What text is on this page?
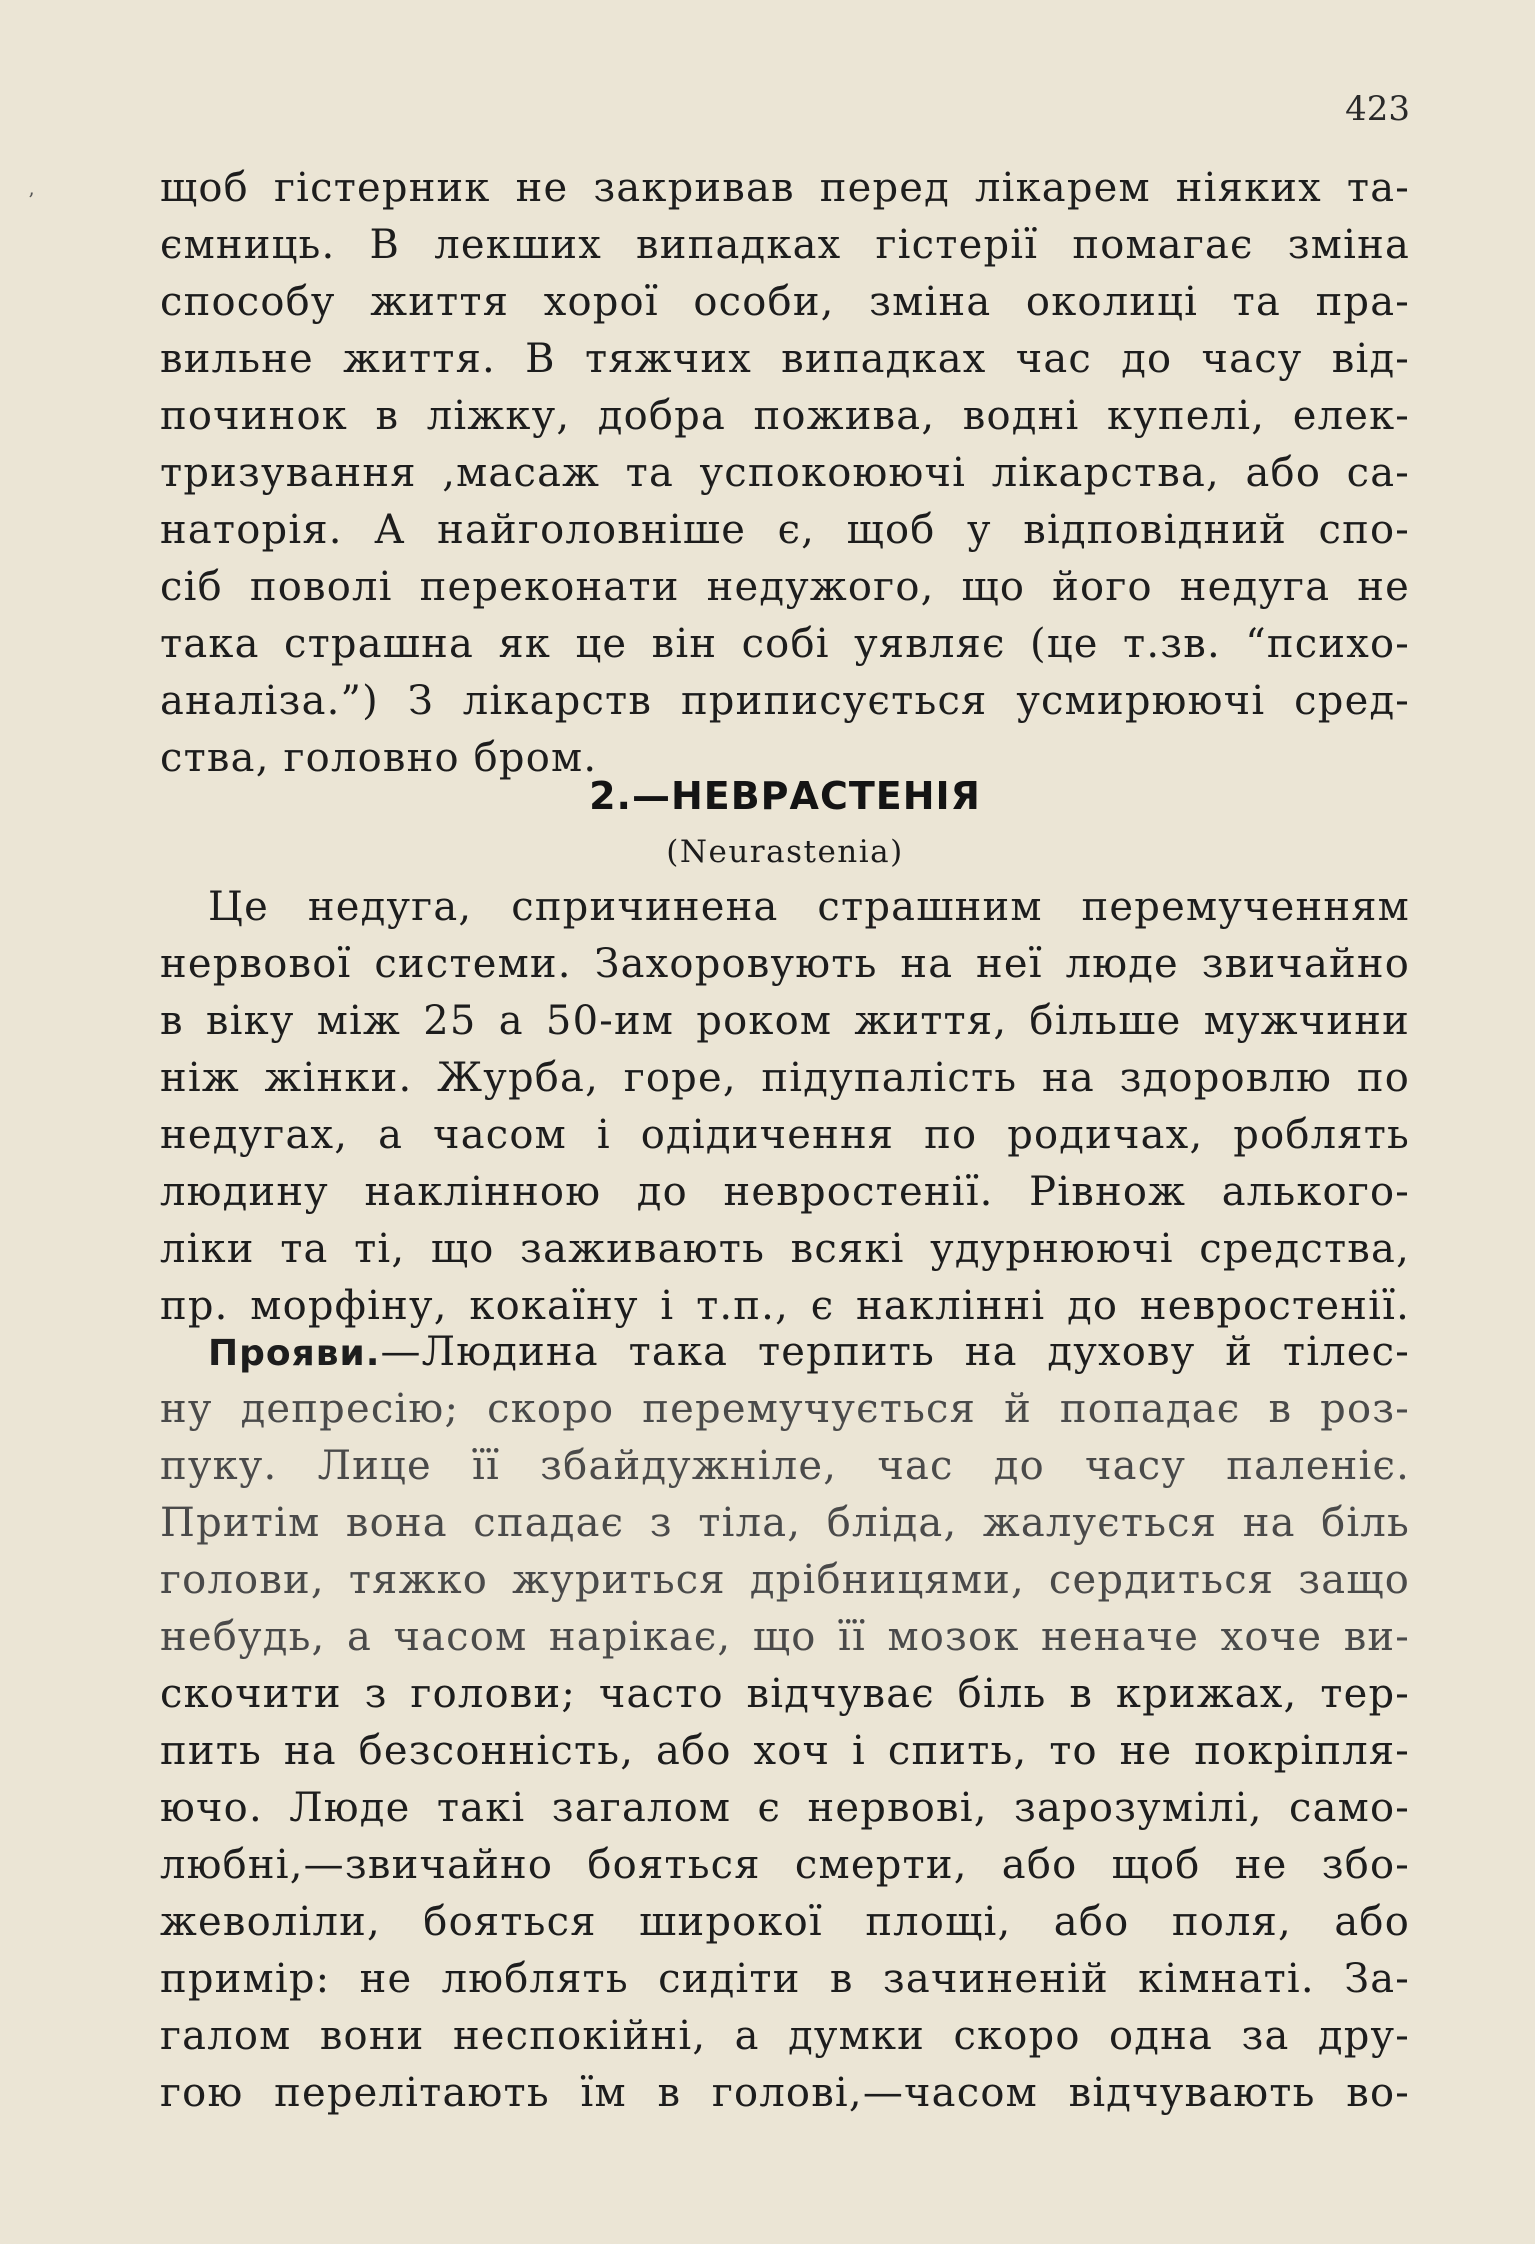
423
’	щоб гістерник не закривав перед лікарем ніяких та-
ємниць. В лекших випадках гістерії помагає зміна
способу життя хорої особи, зміна околиці та пра-
вильне життя. В тяжчих випадках час до часу від-
починок в ліжку, добра пожива, водні купелі, елек-
тризування ,масаж та успокоюючі лікарства, або са-
наторія. А найголовніше є, щоб у відповідний спо-
сіб поволі переконати недужого, що його недуга не
така страшна як це він собі уявляє (це т.зв. “психо-
аналіза.”) З лікарств приписується усмирюючі сред-
ства, головно бром.
2.—НЕВРАСТЕНІЯ
(Neurastenia)
Це недуга, спричинена страшним перемученням
нервової системи. Захоровують на неї люде звичайно
в віку між 25 а 50-им роком життя, більше мужчини
ніж жінки. Журба, горе, підупалість на здоровлю по
недугах, а часом і одідичення по родичах, роблять
людину наклінною до невростенії. Рівнож алького-
ліки та ті, що заживають всякі удурнюючі средства,
пр. морфіну, кокаїну і т.п., є наклінні до невростенії.
Прояви.—Людина така терпить на духову й тілес-
ну депресію; скоро перемучується й попадає в роз-
пуку. Лице її збайдужніле, час до часу паленіє.
Притім вона спадає з тіла, бліда, жалується на біль
голови, тяжко журиться дрібницями, сердиться защо
небудь, а часом нарікає, що її мозок неначе хоче ви-
скочити з голови; часто відчуває біль в крижах, тер-
пить на безсонність, або хоч і спить, то не покріпля-
ючо. Люде такі загалом є нервові, зарозумілі, само-
любні,—звичайно бояться смерти, або щоб не збо-
жеволіли, бояться широкої площі, або поля, або
примір: не люблять сидіти в зачиненій кімнаті. За-
галом вони неспокійні, а думки скоро одна за дру-
гою перелітають їм в голові,—часом відчувають во-
